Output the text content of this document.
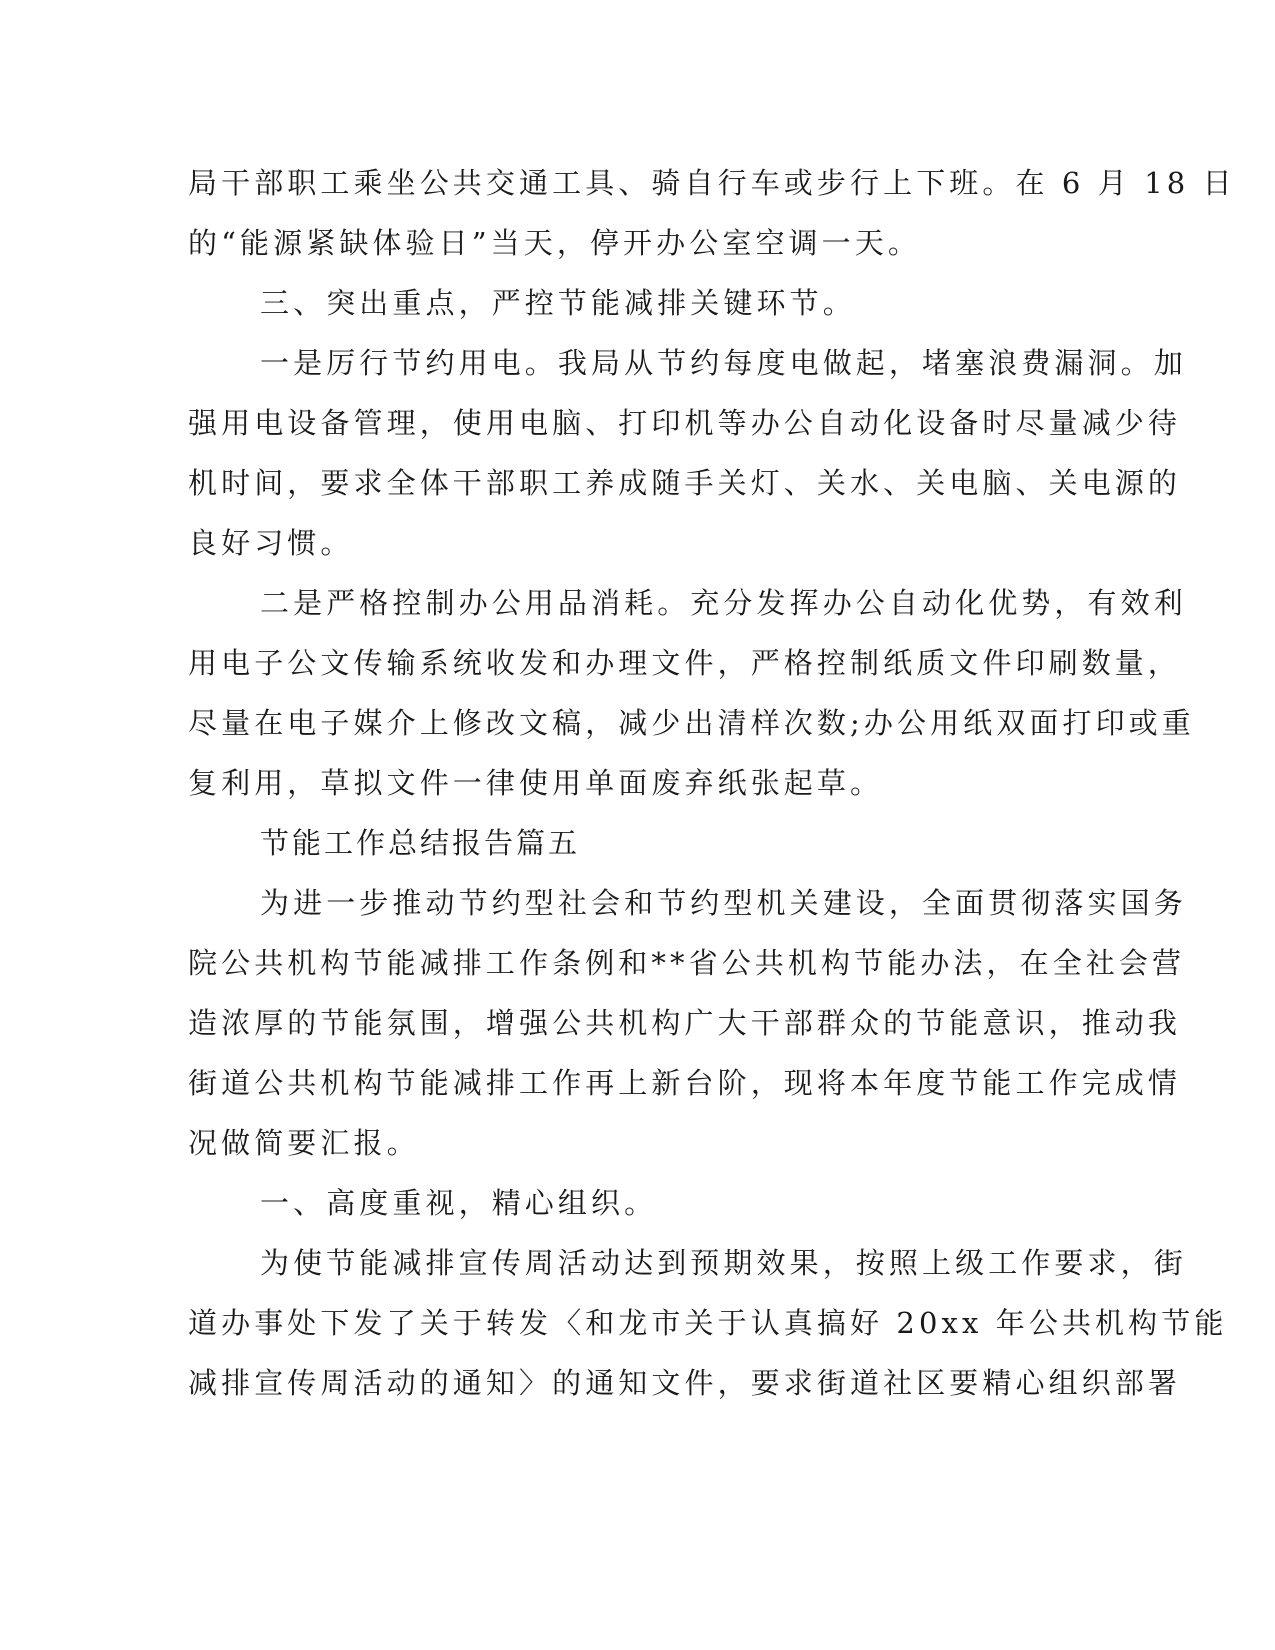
局干部职工乘坐公共交通工具、骑自行车或步行上下班。在 6 月 18 日
的“能源紧缺体验日”当天，停开办公室空调一天。
三、突出重点，严控节能减排关键环节。
一是厉行节约用电。我局从节约每度电做起，堵塞浪费漏洞。加
强用电设备管理，使用电脑、打印机等办公自动化设备时尽量减少待
机时间，要求全体干部职工养成随手关灯、关水、关电脑、关电源的
良好习惯。
二是严格控制办公用品消耗。充分发挥办公自动化优势，有效利
用电子公文传输系统收发和办理文件，严格控制纸质文件印刷数量，
尽量在电子媒介上修改文稿，减少出清样次数;办公用纸双面打印或重
复利用，草拟文件一律使用单面废弃纸张起草。
节能工作总结报告篇五
为进一步推动节约型社会和节约型机关建设，全面贯彻落实国务
院公共机构节能减排工作条例和**省公共机构节能办法，在全社会营
造浓厚的节能氛围，增强公共机构广大干部群众的节能意识，推动我
街道公共机构节能减排工作再上新台阶，现将本年度节能工作完成情
况做简要汇报。
一、高度重视，精心组织。
为使节能减排宣传周活动达到预期效果，按照上级工作要求，街
道办事处下发了关于转发〈和龙市关于认真搞好 20xx 年公共机构节能
减排宣传周活动的通知〉的通知文件，要求街道社区要精心组织部署
